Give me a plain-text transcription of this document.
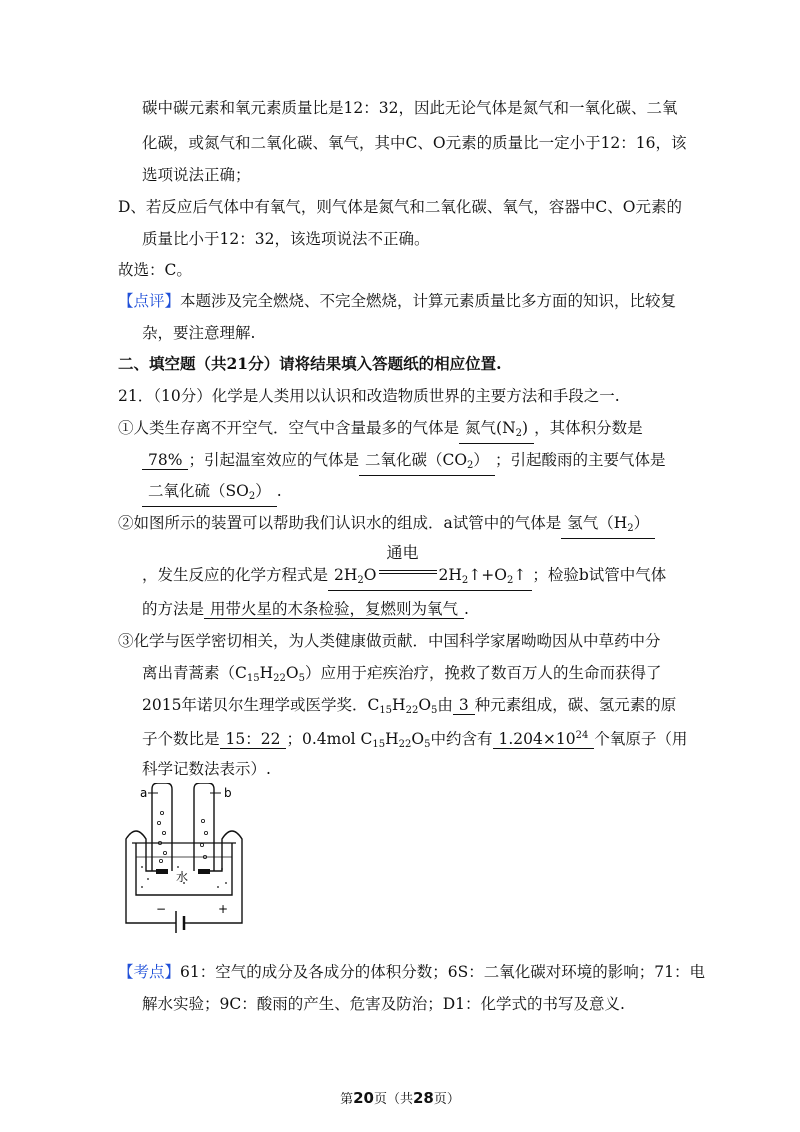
碳中碳元素和氧元素质量比是12：32，因此无论气体是氮气和一氧化碳、二氧
化碳，或氮气和二氧化碳、氧气，其中C、O元素的质量比一定小于12：16，该
选项说法正确；
D、若反应后气体中有氧气，则气体是氮气和二氧化碳、氧气，容器中C、O元素的
质量比小于12：32，该选项说法不正确。
故选：C。
【点评】本题涉及完全燃烧、不完全燃烧，计算元素质量比多方面的知识，比较复
杂，要注意理解.
二、填空题（共21分）请将结果填入答题纸的相应位置.
21．（10分）化学是人类用以认识和改造物质世界的主要方法和手段之一.
①人类生存离不开空气．空气中含量最多的气体是 氮气$(N_2)$ ，其体积分数是
78% ；引起温室效应的气体是 二氧化碳$(CO_2)$ ；引起酸雨的主要气体是
二氧化硫$(SO_2)$ .
②如图所示的装置可以帮助我们认识水的组成．a试管中的气体是 氢气$(H_2)$
，发生反应的化学方程式是 $2H_2O$
通电
$2H_2↑+O_2↑$ ；检验b试管中气体
的方法是 用带火星的木条检验，复燃则为氧气 .
③化学与医学密切相关，为人类健康做贡献．中国科学家屠呦呦因从中草药中分
离出青蒿素$(C_{15}H_{22}O_5)$应用于疟疾治疗，挽救了数百万人的生命而获得了
2015年诺贝尔生理学或医学奖．$C_{15}H_{22}O_5$由 3 种元素组成，碳、氢元素的原
子个数比是 15：22 ；0.4mol $C_{15}H_{22}O_5$中约含有 $1.204\times 10^{24}$ 个氧原子（用
科学记数法表示）.
a	b
水
−	+
【考点】61：空气的成分及各成分的体积分数；6S：二氧化碳对环境的影响；71：电
解水实验；9C：酸雨的产生、危害及防治；D1：化学式的书写及意义.
第20页（共28页）
